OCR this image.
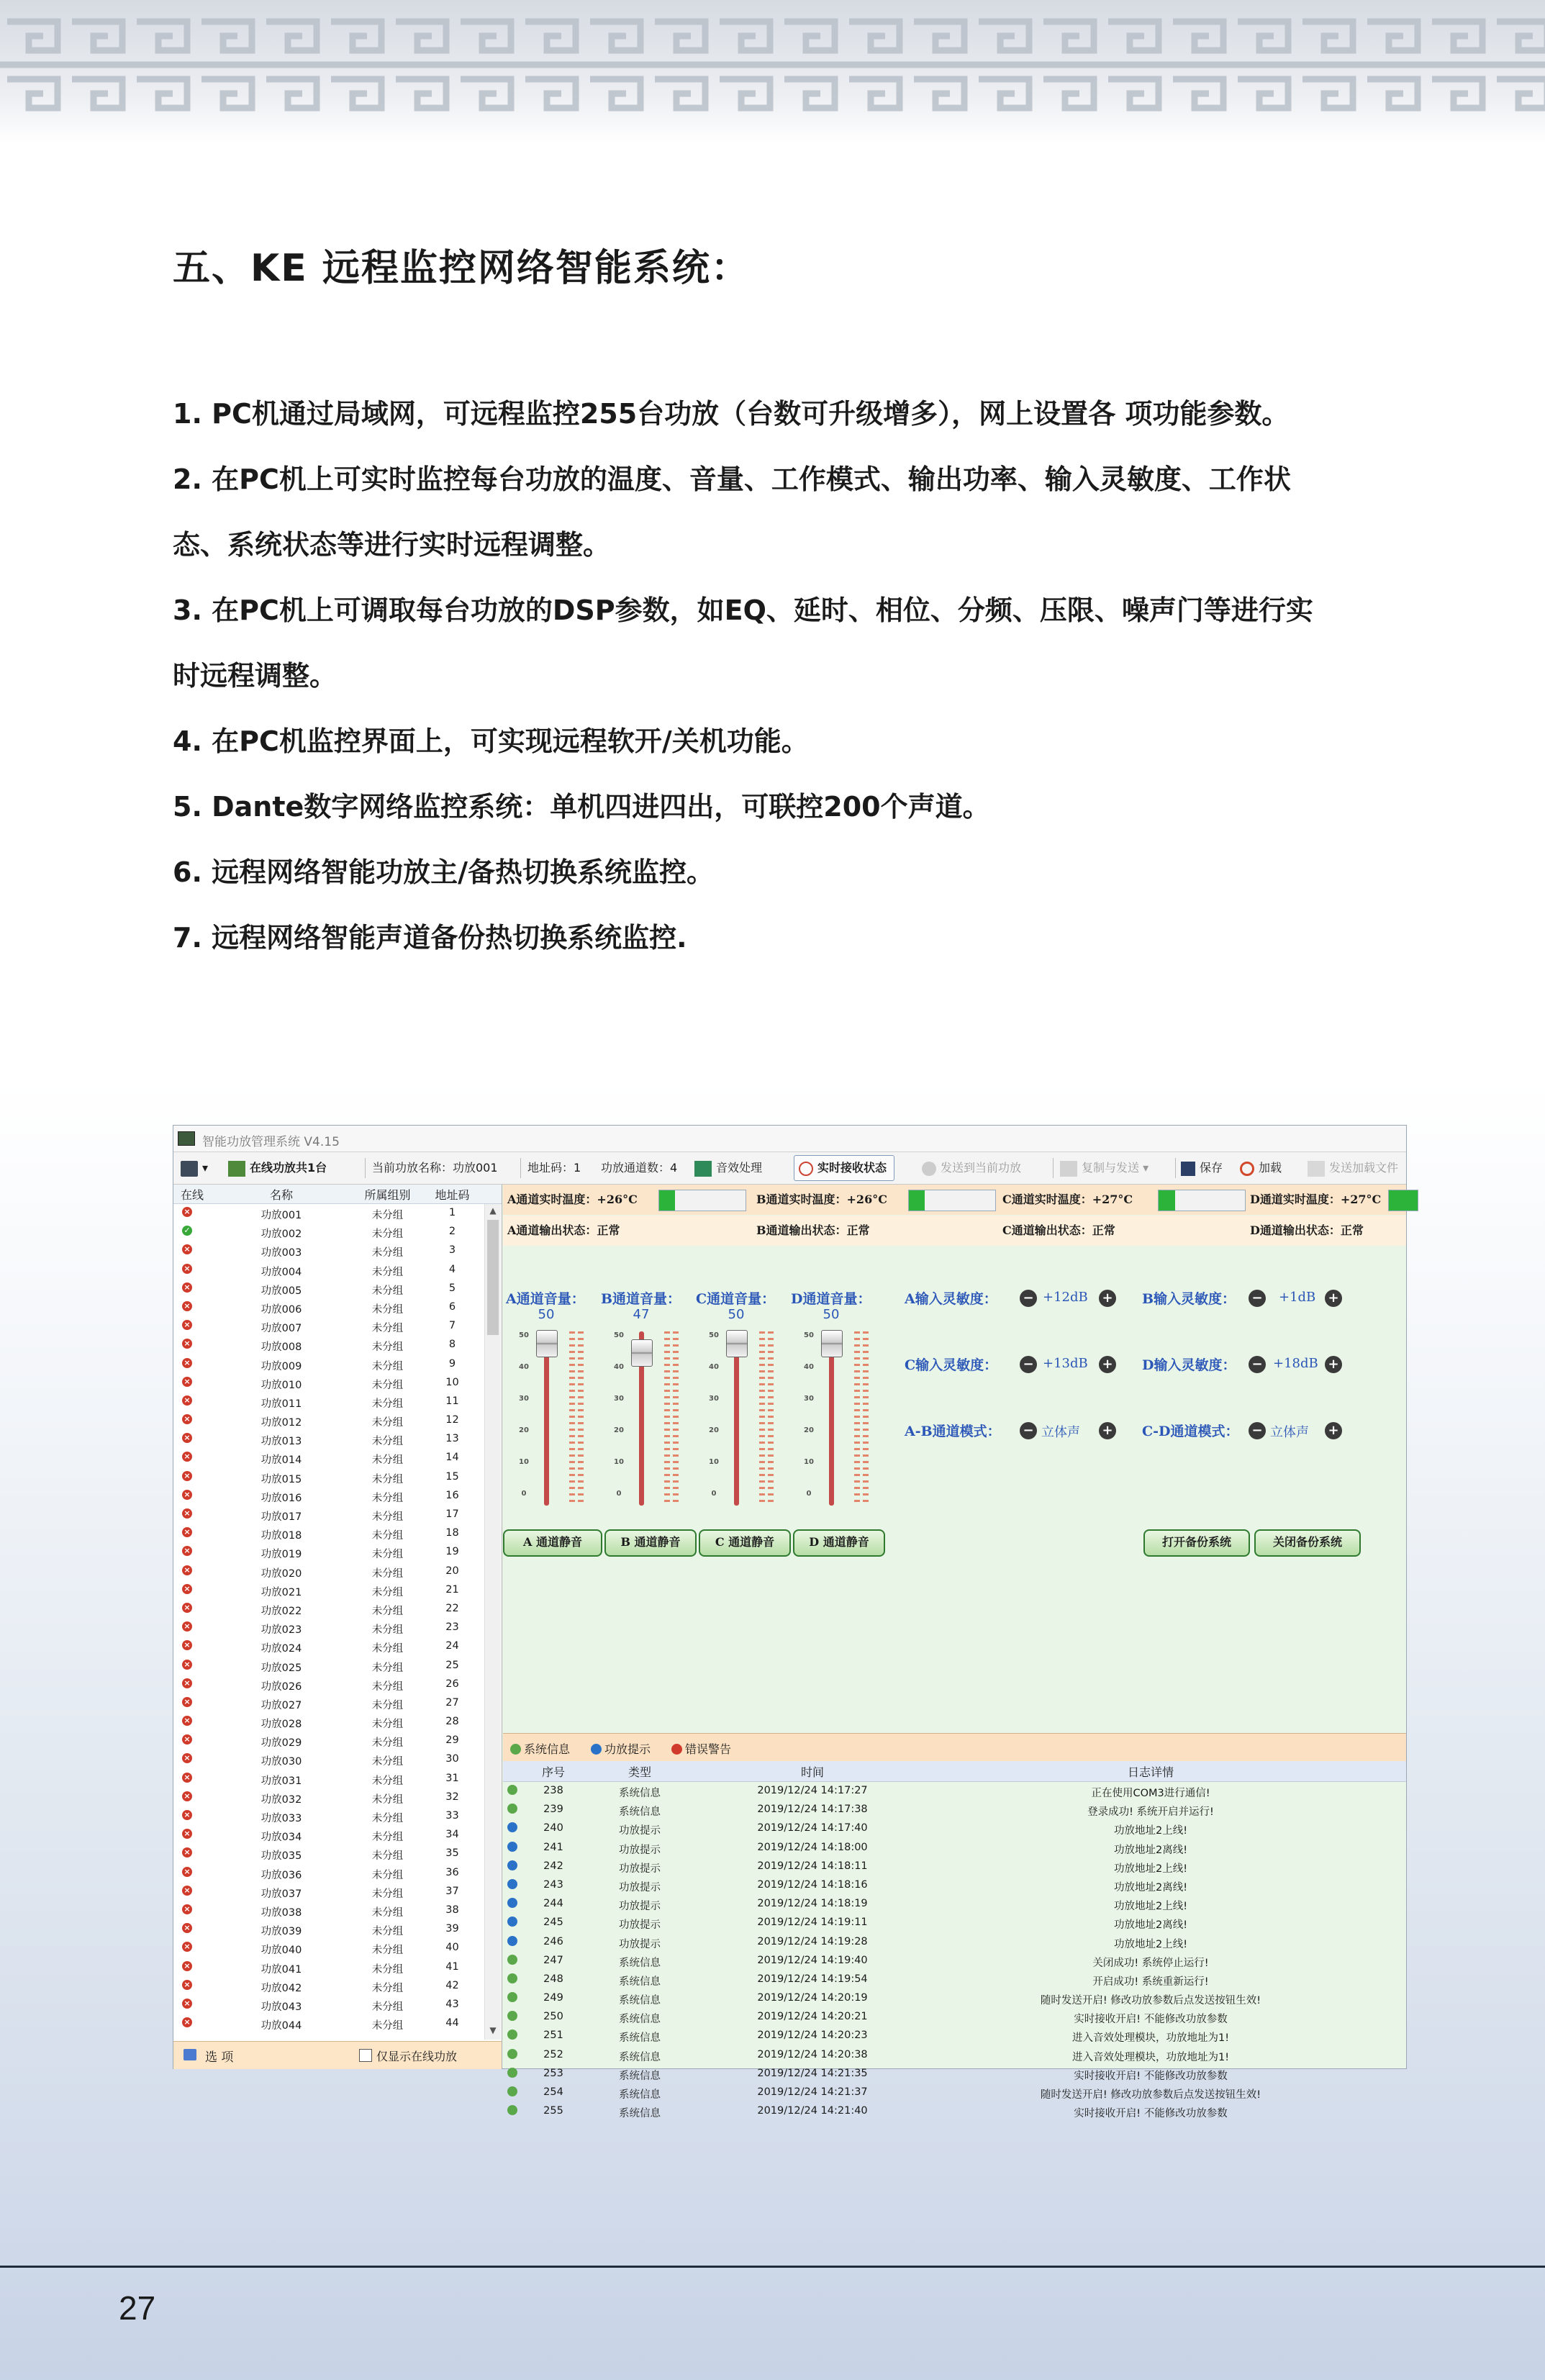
五、KE 远程监控网络智能系统：
1. PC机通过局域网，可远程监控255台功放（台数可升级增多），网上设置各 项功能参数。
2. 在PC机上可实时监控每台功放的温度、音量、工作模式、输出功率、输入灵敏度、工作状
态、系统状态等进行实时远程调整。
3. 在PC机上可调取每台功放的DSP参数，如EQ、延时、相位、分频、压限、噪声门等进行实
时远程调整。
4. 在PC机监控界面上，可实现远程软开/关机功能。
5. Dante数字网络监控系统：单机四进四出，可联控200个声道。
6. 远程网络智能功放主/备热切换系统监控。
7. 远程网络智能声道备份热切换系统监控.
智能功放管理系统 V4.15
▾	在线功放共1台	当前功放名称：功放001	地址码：1 功放通道数：4	音效处理	实时接收状态	发送到当前功放	复制与发送 ▾	保存	加载	发送加载文件
在线	名称	所属组别	地址码
×	功放001	未分组	1
✓	功放002	未分组	2
×	功放003	未分组	3
×	功放004	未分组	4
×	功放005	未分组	5
×	功放006	未分组	6
×	功放007	未分组	7
×	功放008	未分组	8
×	功放009	未分组	9
×	功放010	未分组	10
×	功放011	未分组	11
×	功放012	未分组	12
×	功放013	未分组	13
×	功放014	未分组	14
×	功放015	未分组	15
×	功放016	未分组	16
×	功放017	未分组	17
×	功放018	未分组	18
×	功放019	未分组	19
×	功放020	未分组	20
×	功放021	未分组	21
×	功放022	未分组	22
×	功放023	未分组	23
×	功放024	未分组	24
×	功放025	未分组	25
×	功放026	未分组	26
×	功放027	未分组	27
×	功放028	未分组	28
×	功放029	未分组	29
×	功放030	未分组	30
×	功放031	未分组	31
×	功放032	未分组	32
×	功放033	未分组	33
×	功放034	未分组	34
×	功放035	未分组	35
×	功放036	未分组	36
×	功放037	未分组	37
×	功放038	未分组	38
×	功放039	未分组	39
×	功放040	未分组	40
×	功放041	未分组	41
×	功放042	未分组	42
×	功放043	未分组	43
×	功放044	未分组	44
▲
▼
选 项	仅显示在线功放
A通道实时温度：+26°C	B通道实时温度：+26°C	C通道实时温度：+27°C	D通道实时温度：+27°C
A通道输出状态：正常	B通道输出状态：正常	C通道输出状态：正常	D通道输出状态：正常
A通道音量：
50
50
40
30
20
10
0
B通道音量：
47
50
40
30
20
10
0
C通道音量：
50
50
40
30
20
10
0
D通道音量：
50
50
40
30
20
10
0
A输入灵敏度： − +12dB + B输入灵敏度： − +1dB +
C输入灵敏度： − +13dB + D输入灵敏度： − +18dB +
A-B通道模式： − 立体声 + C-D通道模式： − 立体声 +
A 通道静音	B 通道静音	C 通道静音	D 通道静音	打开备份系统	关闭备份系统
系统信息	功放提示	错误警告
序号	类型	时间	日志详情
238	系统信息	2019/12/24 14:17:27	正在使用COM3进行通信!
239	系统信息	2019/12/24 14:17:38	登录成功! 系统开启并运行!
240	功放提示	2019/12/24 14:17:40	功放地址2上线!
241	功放提示	2019/12/24 14:18:00	功放地址2离线!
242	功放提示	2019/12/24 14:18:11	功放地址2上线!
243	功放提示	2019/12/24 14:18:16	功放地址2离线!
244	功放提示	2019/12/24 14:18:19	功放地址2上线!
245	功放提示	2019/12/24 14:19:11	功放地址2离线!
246	功放提示	2019/12/24 14:19:28	功放地址2上线!
247	系统信息	2019/12/24 14:19:40	关闭成功! 系统停止运行!
248	系统信息	2019/12/24 14:19:54	开启成功! 系统重新运行!
249	系统信息	2019/12/24 14:20:19	随时发送开启! 修改功放参数后点发送按钮生效!
250	系统信息	2019/12/24 14:20:21	实时接收开启! 不能修改功放参数
251	系统信息	2019/12/24 14:20:23	进入音效处理模块，功放地址为1!
252	系统信息	2019/12/24 14:20:38	进入音效处理模块，功放地址为1!
253	系统信息	2019/12/24 14:21:35	实时接收开启! 不能修改功放参数
254	系统信息	2019/12/24 14:21:37	随时发送开启! 修改功放参数后点发送按钮生效!
255	系统信息	2019/12/24 14:21:40	实时接收开启! 不能修改功放参数
27
